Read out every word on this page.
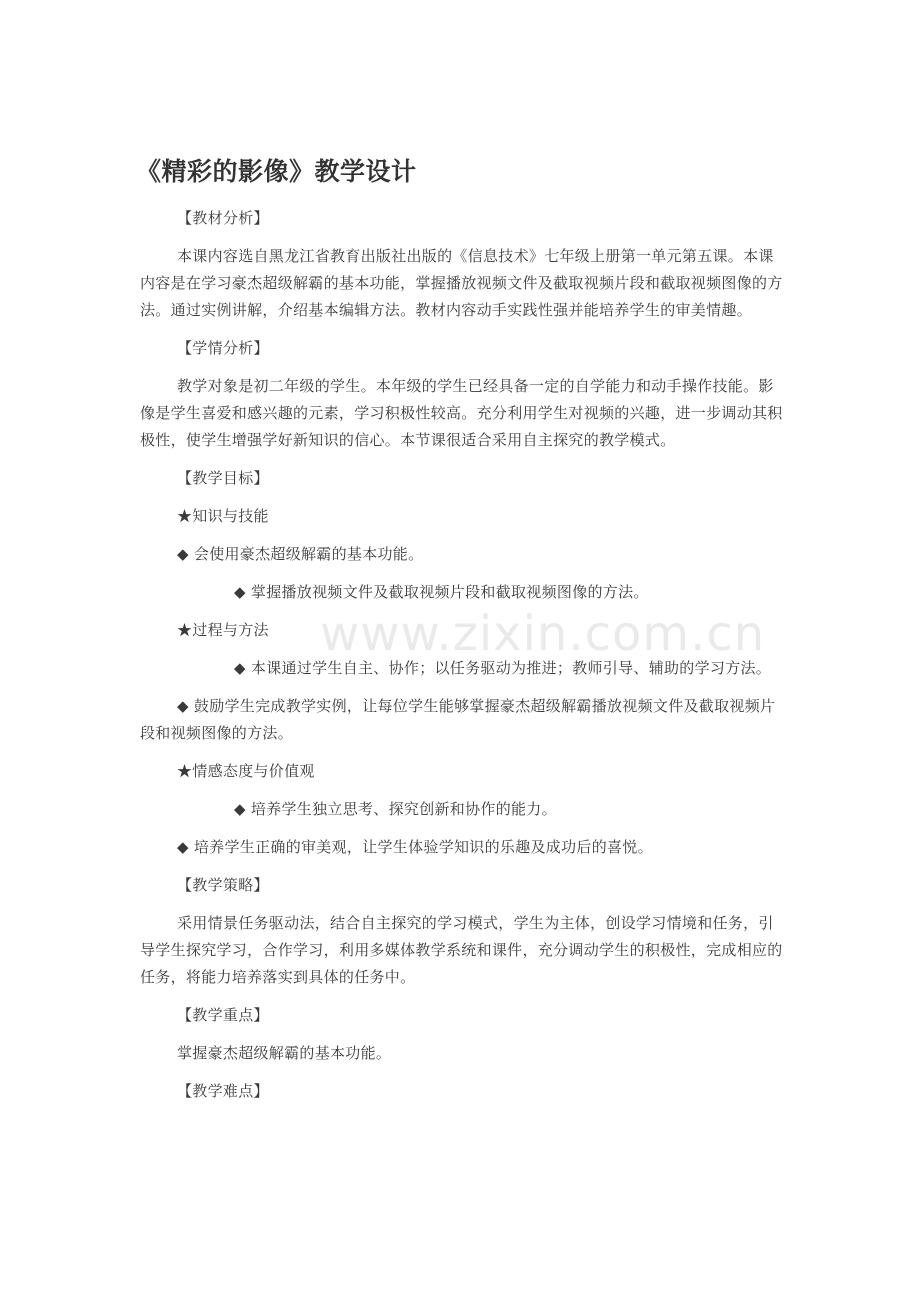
《精彩的影像》教学设计
【教材分析】
本课内容选自黑龙江省教育出版社出版的《信息技术》七年级上册第一单元第五课。本课内容是在学习豪杰超级解霸的基本功能，掌握播放视频文件及截取视频片段和截取视频图像的方法。通过实例讲解，介绍基本编辑方法。教材内容动手实践性强并能培养学生的审美情趣。
【学情分析】
教学对象是初二年级的学生。本年级的学生已经具备一定的自学能力和动手操作技能。影像是学生喜爱和感兴趣的元素，学习积极性较高。充分利用学生对视频的兴趣，进一步调动其积极性，使学生增强学好新知识的信心。本节课很适合采用自主探究的教学模式。
【教学目标】
★知识与技能
◆ 会使用豪杰超级解霸的基本功能。
◆ 掌握播放视频文件及截取视频片段和截取视频图像的方法。
★过程与方法
◆ 本课通过学生自主、协作；以任务驱动为推进；教师引导、辅助的学习方法。
◆ 鼓励学生完成教学实例，让每位学生能够掌握豪杰超级解霸播放视频文件及截取视频片段和视频图像的方法。
★情感态度与价值观
◆ 培养学生独立思考、探究创新和协作的能力。
◆ 培养学生正确的审美观，让学生体验学知识的乐趣及成功后的喜悦。
【教学策略】
采用情景任务驱动法，结合自主探究的学习模式，学生为主体，创设学习情境和任务，引导学生探究学习，合作学习，利用多媒体教学系统和课件，充分调动学生的积极性，完成相应的任务，将能力培养落实到具体的任务中。
【教学重点】
掌握豪杰超级解霸的基本功能。
【教学难点】
www.zixin.com.cn
